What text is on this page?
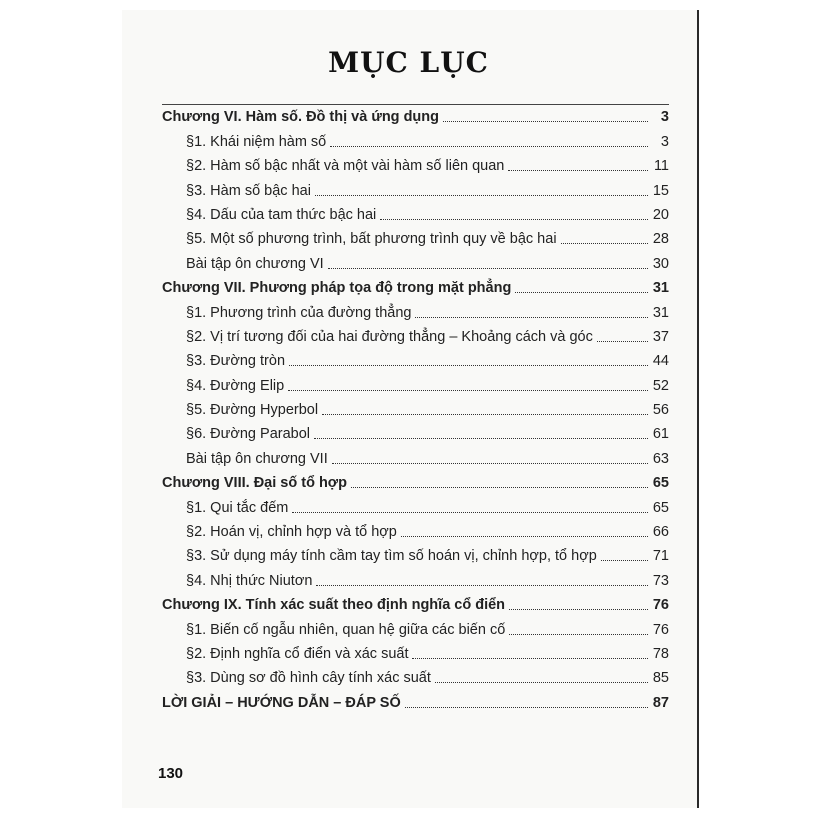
MỤC LỤC
Chương VI. Hàm số. Đồ thị và ứng dụng	3
§1. Khái niệm hàm số	3
§2. Hàm số bậc nhất và một vài hàm số liên quan	11
§3. Hàm số bậc hai	15
§4. Dấu của tam thức bậc hai	20
§5. Một số phương trình, bất phương trình quy về bậc hai	28
Bài tập ôn chương VI	30
Chương VII. Phương pháp tọa độ trong mặt phẳng	31
§1. Phương trình của đường thẳng	31
§2. Vị trí tương đối của hai đường thẳng – Khoảng cách và góc	37
§3. Đường tròn	44
§4. Đường Elip	52
§5. Đường Hyperbol	56
§6. Đường Parabol	61
Bài tập ôn chương VII	63
Chương VIII. Đại số tổ hợp	65
§1. Qui tắc đếm	65
§2. Hoán vị, chỉnh hợp và tổ hợp	66
§3. Sử dụng máy tính cầm tay tìm số hoán vị, chỉnh hợp, tổ hợp	71
§4. Nhị thức Niutơn	73
Chương IX. Tính xác suất theo định nghĩa cổ điển	76
§1. Biến cố ngẫu nhiên, quan hệ giữa các biến cố	76
§2. Định nghĩa cổ điển và xác suất	78
§3. Dùng sơ đồ hình cây tính xác suất	85
LỜI GIẢI – HƯỚNG DẪN – ĐÁP SỐ	87
130
